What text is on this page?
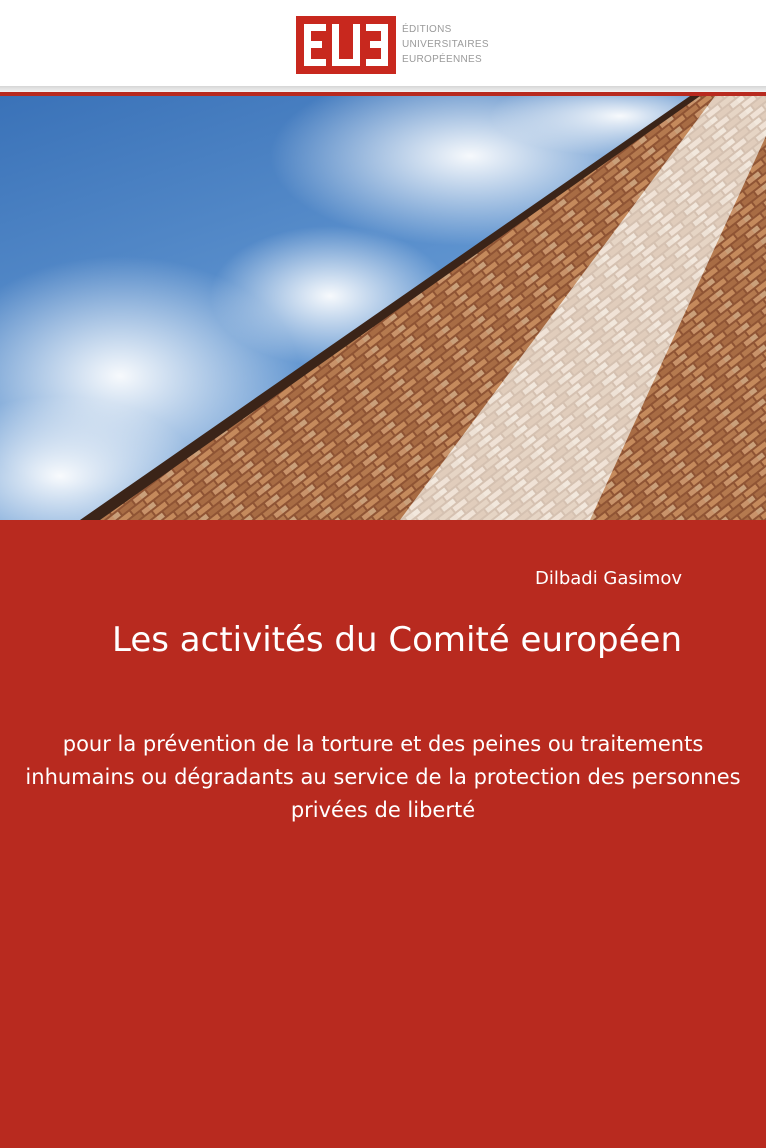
ÉDITIONS
UNIVERSITAIRES
EUROPÉENNES
Dilbadi Gasimov
Les activités du Comité européen
pour la prévention de la torture et des peines ou traitements inhumains ou dégradants au service de la protection des personnes privées de liberté
